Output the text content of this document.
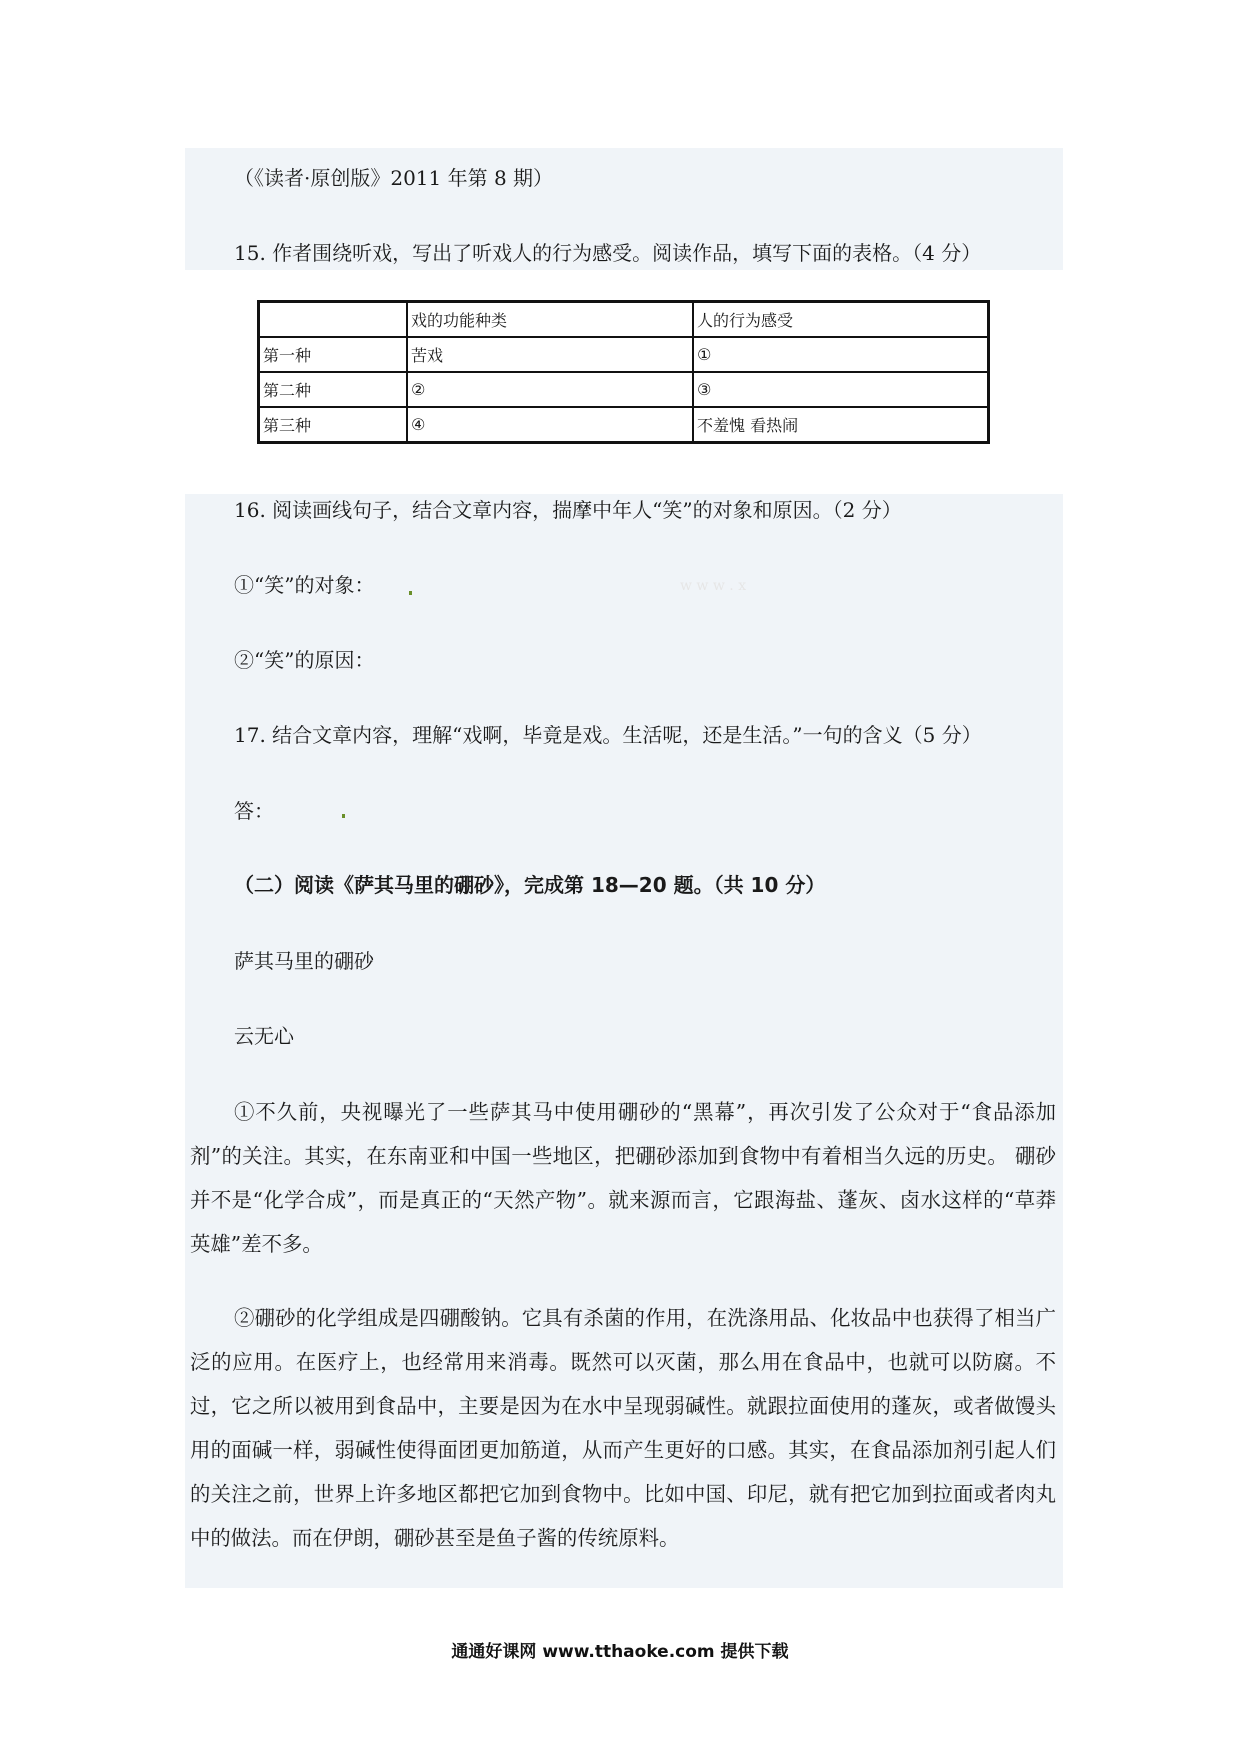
（《读者·原创版》2011 年第 8 期）
15. 作者围绕听戏，写出了听戏人的行为感受。阅读作品，填写下面的表格。（4 分）
	戏的功能种类	人的行为感受
第一种	苦戏	①
第二种	②	③
第三种	④	不羞愧 看热闹
16. 阅读画线句子，结合文章内容，揣摩中年人“笑”的对象和原因。（2 分）
①“笑”的对象：	w w w . x
②“笑”的原因：
17. 结合文章内容，理解“戏啊，毕竟是戏。生活呢，还是生活。”一句的含义（5 分）
答：
（二）阅读《萨其马里的硼砂》，完成第 18—20 题。（共 10 分）
萨其马里的硼砂
云无心
①不久前，央视曝光了一些萨其马中使用硼砂的“黑幕”，再次引发了公众对于“食品添加剂”的关注。其实，在东南亚和中国一些地区，把硼砂添加到食物中有着相当久远的历史。 硼砂并不是“化学合成”，而是真正的“天然产物”。就来源而言，它跟海盐、蓬灰、卤水这样的“草莽英雄”差不多。
②硼砂的化学组成是四硼酸钠。它具有杀菌的作用，在洗涤用品、化妆品中也获得了相当广泛的应用。在医疗上，也经常用来消毒。既然可以灭菌，那么用在食品中，也就可以防腐。不过，它之所以被用到食品中，主要是因为在水中呈现弱碱性。就跟拉面使用的蓬灰，或者做馒头用的面碱一样，弱碱性使得面团更加筋道，从而产生更好的口感。其实，在食品添加剂引起人们的关注之前，世界上许多地区都把它加到食物中。比如中国、印尼，就有把它加到拉面或者肉丸中的做法。而在伊朗，硼砂甚至是鱼子酱的传统原料。
通通好课网 www.tthaoke.com 提供下载
